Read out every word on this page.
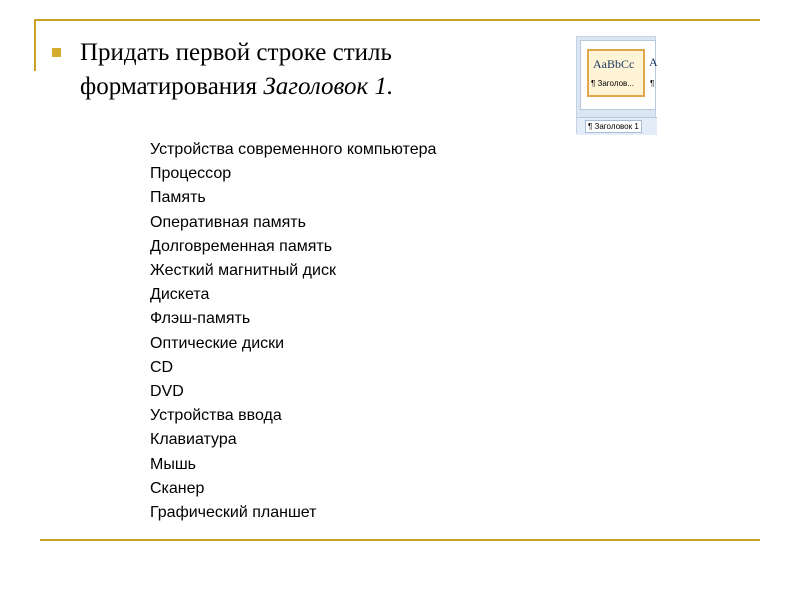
Придать первой строке стиль форматирования Заголовок 1.
AaBbCc
¶ Заголов...
A
¶
¶ Заголовок 1
Устройства современного компьютера
Процессор
Память
Оперативная память
Долговременная память
Жесткий магнитный диск
Дискета
Флэш-память
Оптические диски
CD
DVD
Устройства ввода
Клавиатура
Мышь
Сканер
Графический планшет
